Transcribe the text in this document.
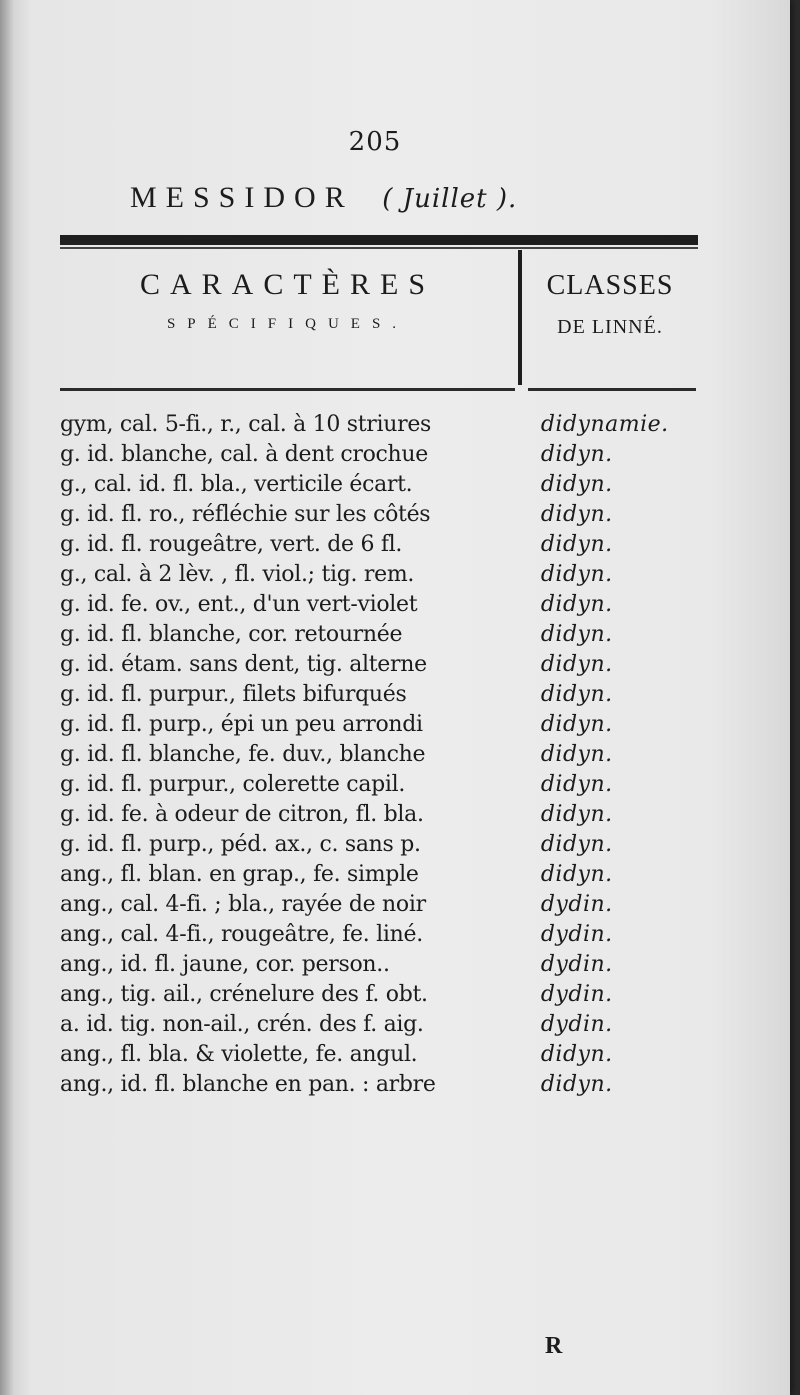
205
MESSIDOR ( Juillet ).
CARACTÈRES
SPÉCIFIQUES.
CLASSES
DE LINNÉ.
gym, cal. 5-fi., r., cal. à 10 striures	didynamie.
g. id. blanche, cal. à dent crochue	didyn.
g., cal. id. fl. bla., verticile écart.	didyn.
g. id. fl. ro., réfléchie sur les côtés	didyn.
g. id. fl. rougeâtre, vert. de 6 fl.	didyn.
g., cal. à 2 lèv. , fl. viol.; tig. rem.	didyn.
g. id. fe. ov., ent., d'un vert-violet	didyn.
g. id. fl. blanche, cor. retournée	didyn.
g. id. étam. sans dent, tig. alterne	didyn.
g. id. fl. purpur., filets bifurqués	didyn.
g. id. fl. purp., épi un peu arrondi	didyn.
g. id. fl. blanche, fe. duv., blanche	didyn.
g. id. fl. purpur., colerette capil.	didyn.
g. id. fe. à odeur de citron, fl. bla.	didyn.
g. id. fl. purp., péd. ax., c. sans p.	didyn.
ang., fl. blan. en grap., fe. simple	didyn.
ang., cal. 4-fi. ; bla., rayée de noir	dydin.
ang., cal. 4-fi., rougeâtre, fe. liné.	dydin.
ang., id. fl. jaune, cor. person..	dydin.
ang., tig. ail., crénelure des f. obt.	dydin.
a. id. tig. non-ail., crén. des f. aig.	dydin.
ang., fl. bla. & violette, fe. angul.	didyn.
ang., id. fl. blanche en pan. : arbre	didyn.
R
